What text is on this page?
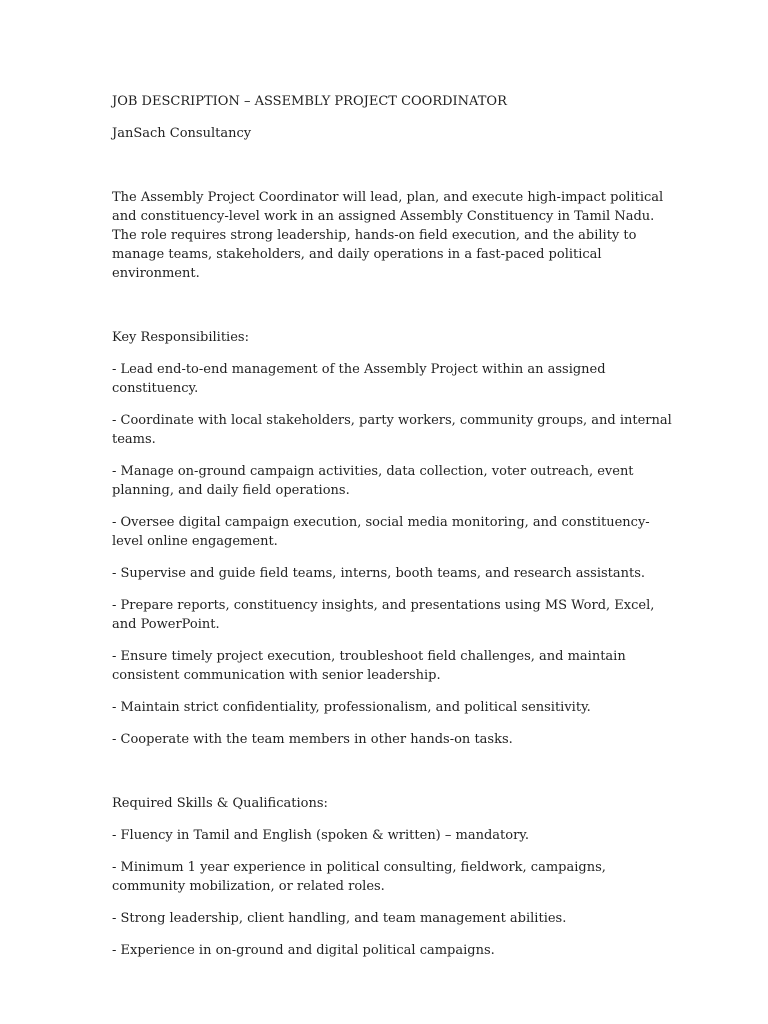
JOB DESCRIPTION – ASSEMBLY PROJECT COORDINATOR

JanSach Consultancy

The Assembly Project Coordinator will lead, plan, and execute high-impact political and constituency-level work in an assigned Assembly Constituency in Tamil Nadu. The role requires strong leadership, hands-on field execution, and the ability to manage teams, stakeholders, and daily operations in a fast-paced political environment.

Key Responsibilities:

- Lead end-to-end management of the Assembly Project within an assigned constituency.

- Coordinate with local stakeholders, party workers, community groups, and internal teams.

- Manage on-ground campaign activities, data collection, voter outreach, event planning, and daily field operations.

- Oversee digital campaign execution, social media monitoring, and constituency-level online engagement.

- Supervise and guide field teams, interns, booth teams, and research assistants.

- Prepare reports, constituency insights, and presentations using MS Word, Excel, and PowerPoint.

- Ensure timely project execution, troubleshoot field challenges, and maintain consistent communication with senior leadership.

- Maintain strict confidentiality, professionalism, and political sensitivity.

- Cooperate with the team members in other hands-on tasks.

Required Skills & Qualifications:

- Fluency in Tamil and English (spoken & written) – mandatory.

- Minimum 1 year experience in political consulting, fieldwork, campaigns, community mobilization, or related roles.

- Strong leadership, client handling, and team management abilities.

- Experience in on-ground and digital political campaigns.
